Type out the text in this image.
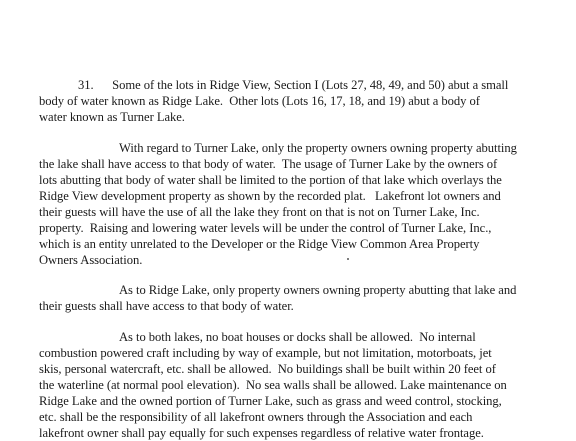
31.      Some of the lots in Ridge View, Section I (Lots 27, 48, 49, and 50) abut a small
body of water known as Ridge Lake.  Other lots (Lots 16, 17, 18, and 19) abut a body of
water known as Turner Lake.
With regard to Turner Lake, only the property owners owning property abutting
the lake shall have access to that body of water.  The usage of Turner Lake by the owners of
lots abutting that body of water shall be limited to the portion of that lake which overlays the
Ridge View development property as shown by the recorded plat.   Lakefront lot owners and
their guests will have the use of all the lake they front on that is not on Turner Lake, Inc.
property.  Raising and lowering water levels will be under the control of Turner Lake, Inc.,
which is an entity unrelated to the Developer or the Ridge View Common Area Property
Owners Association.
As to Ridge Lake, only property owners owning property abutting that lake and
their guests shall have access to that body of water.
As to both lakes, no boat houses or docks shall be allowed.  No internal
combustion powered craft including by way of example, but not limitation, motorboats, jet
skis, personal watercraft, etc. shall be allowed.  No buildings shall be built within 20 feet of
the waterline (at normal pool elevation).  No sea walls shall be allowed. Lake maintenance on
Ridge Lake and the owned portion of Turner Lake, such as grass and weed control, stocking,
etc. shall be the responsibility of all lakefront owners through the Association and each
lakefront owner shall pay equally for such expenses regardless of relative water frontage.
